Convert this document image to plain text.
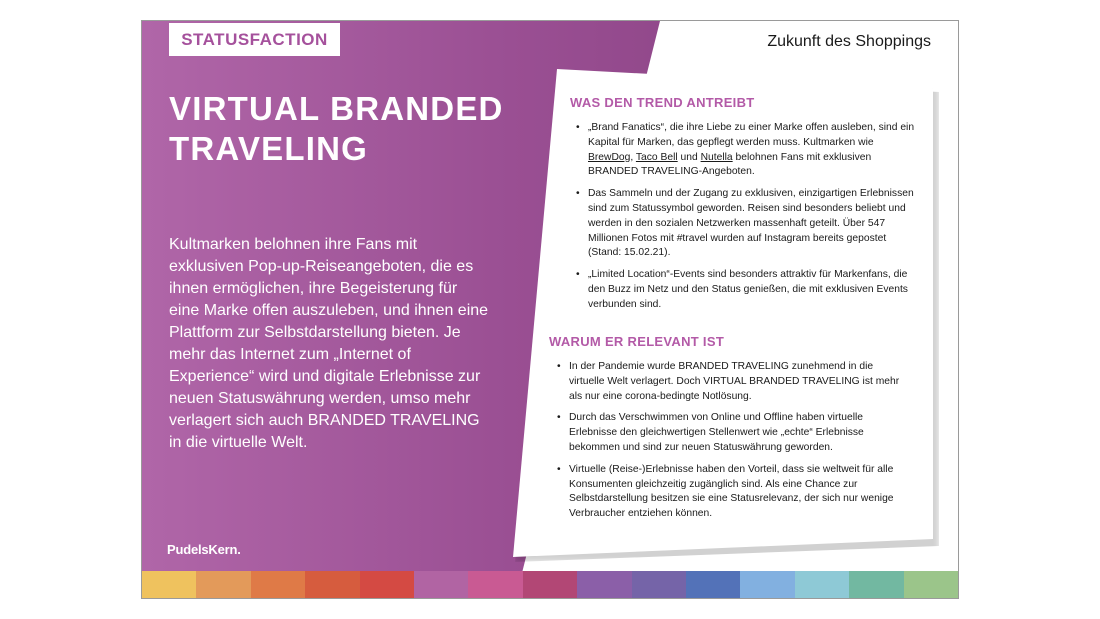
STATUSFACTION	Zukunft des Shoppings
VIRTUAL BRANDED
TRAVELING
Kultmarken belohnen ihre Fans mit exklusiven Pop-up-Reiseangeboten, die es ihnen ermöglichen, ihre Begeisterung für eine Marke offen auszuleben, und ihnen eine Plattform zur Selbstdarstellung bieten. Je mehr das Internet zum „Internet of Experience“ wird und digitale Erlebnisse zur neuen Statuswährung werden, umso mehr verlagert sich auch BRANDED TRAVELING in die virtuelle Welt.
PudelsKern.
WAS DEN TREND ANTREIBT
• „Brand Fanatics“, die ihre Liebe zu einer Marke offen ausleben, sind ein Kapital für Marken, das gepflegt werden muss. Kultmarken wie BrewDog, Taco Bell und Nutella belohnen Fans mit exklusiven BRANDED TRAVELING-Angeboten.
• Das Sammeln und der Zugang zu exklusiven, einzigartigen Erlebnissen sind zum Statussymbol geworden. Reisen sind besonders beliebt und werden in den sozialen Netzwerken massenhaft geteilt. Über 547 Millionen Fotos mit #travel wurden auf Instagram bereits gepostet (Stand: 15.02.21).
• „Limited Location“-Events sind besonders attraktiv für Markenfans, die den Buzz im Netz und den Status genießen, die mit exklusiven Events verbunden sind.
WARUM ER RELEVANT IST
• In der Pandemie wurde BRANDED TRAVELING zunehmend in die virtuelle Welt verlagert. Doch VIRTUAL BRANDED TRAVELING ist mehr als nur eine corona-bedingte Notlösung.
• Durch das Verschwimmen von Online und Offline haben virtuelle Erlebnisse den gleichwertigen Stellenwert wie „echte“ Erlebnisse bekommen und sind zur neuen Statuswährung geworden.
• Virtuelle (Reise-)Erlebnisse haben den Vorteil, dass sie weltweit für alle Konsumenten gleichzeitig zugänglich sind. Als eine Chance zur Selbstdarstellung besitzen sie eine Statusrelevanz, der sich nur wenige Verbraucher entziehen können.
